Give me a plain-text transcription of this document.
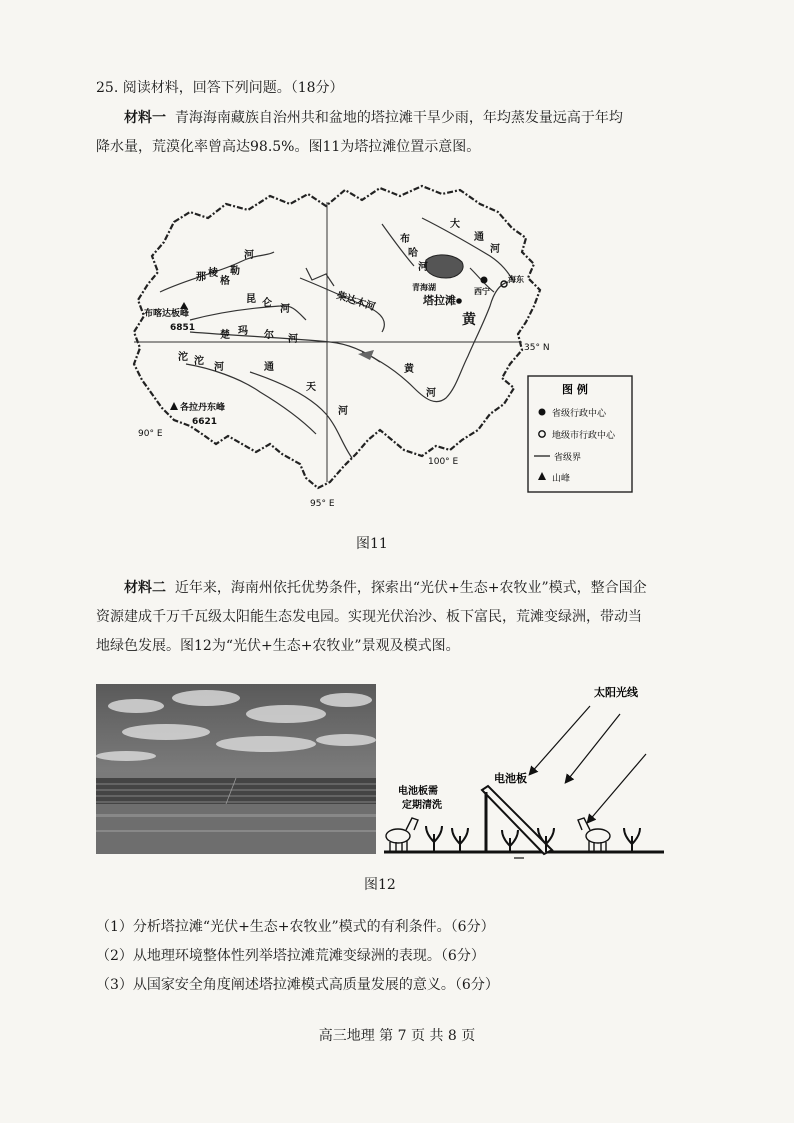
25. 阅读材料，回答下列问题。（18分）

材料一 青海海南藏族自治州共和盆地的塔拉滩干旱少雨，年均蒸发量远高于年均

降水量，荒漠化率曾高达98.5%。图11为塔拉滩位置示意图。

大
通
河
布
哈
河
青海湖	西宁
海东
塔拉滩
黄
黄
河
那 棱
格
勒
河
昆 仑
河	柴达木河
布喀达板峰
6851
楚 玛 尔 河
沱 沱
河	通
天
河
各拉丹东峰
6621
90° E
95° E
100° E
35° N
图 例
省级行政中心
地级市行政中心
省级界
山峰
图11

材料二 近年来，海南州依托优势条件，探索出“光伏+生态+农牧业”模式，整合国企

资源建成千万千瓦级太阳能生态发电园。实现光伏治沙、板下富民，荒滩变绿洲，带动当

地绿色发展。图12为“光伏+生态+农牧业”景观及模式图。

太阳光线
电池板
电池板需
定期清洗
图12

（1）分析塔拉滩“光伏+生态+农牧业”模式的有利条件。（6分）

（2）从地理环境整体性列举塔拉滩荒滩变绿洲的表现。（6分）

（3）从国家安全角度阐述塔拉滩模式高质量发展的意义。（6分）

高三地理 第 7 页 共 8 页
